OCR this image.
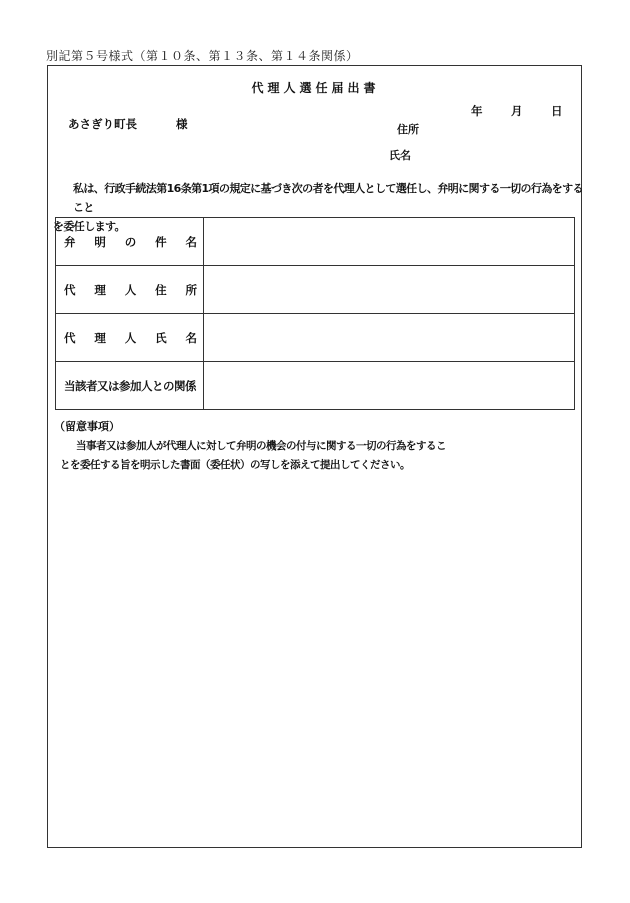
別記第５号様式（第１０条、第１３条、第１４条関係）
代理人選任届出書
年 月 日
あさぎり町長	様	住所
氏名
私は、行政手続法第16条第1項の規定に基づき次の者を代理人として選任し、弁明に関する一切の行為をすること
を委任します。
弁 明 の 件 名	

代 理 人 住 所	

代 理 人 氏 名	

当該者又は参加人との関係	
（留意事項）
当事者又は参加人が代理人に対して弁明の機会の付与に関する一切の行為をするこ
とを委任する旨を明示した書面（委任状）の写しを添えて提出してください。
